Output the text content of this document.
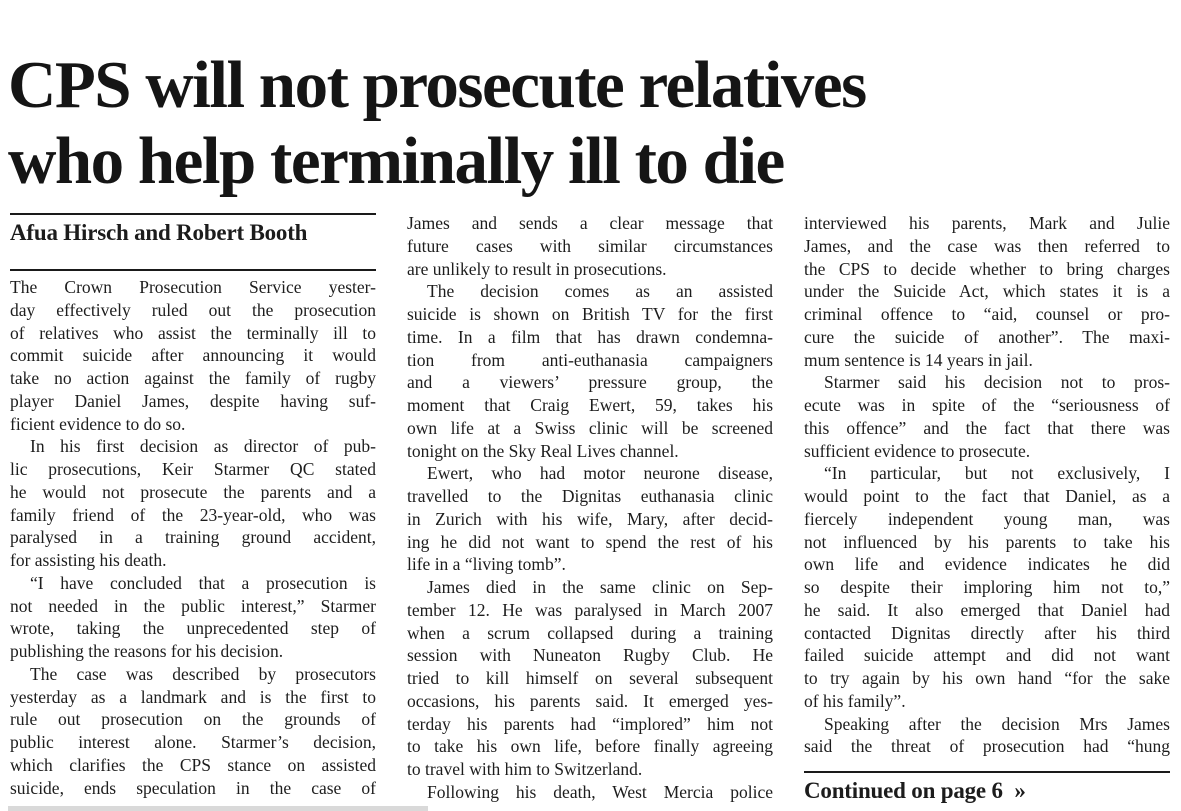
CPS will not prosecute relatives
who help terminally ill to die
Afua Hirsch and Robert Booth
The Crown Prosecution Service yester-
day effectively ruled out the prosecution
of relatives who assist the terminally ill to
commit suicide after announcing it would
take no action against the family of rugby
player Daniel James, despite having suf-
ficient evidence to do so.
In his first decision as director of pub-
lic prosecutions, Keir Starmer QC stated
he would not prosecute the parents and a
family friend of the 23-year-old, who was
paralysed in a training ground accident,
for assisting his death.
“I have concluded that a prosecution is
not needed in the public interest,” Starmer
wrote, taking the unprecedented step of
publishing the reasons for his decision.
The case was described by prosecutors
yesterday as a landmark and is the first to
rule out prosecution on the grounds of
public interest alone. Starmer’s decision,
which clarifies the CPS stance on assisted
suicide, ends speculation in the case of
James and sends a clear message that
future cases with similar circumstances
are unlikely to result in prosecutions.
The decision comes as an assisted
suicide is shown on British TV for the first
time. In a film that has drawn condemna-
tion from anti-euthanasia campaigners
and a viewers’ pressure group, the
moment that Craig Ewert, 59, takes his
own life at a Swiss clinic will be screened
tonight on the Sky Real Lives channel.
Ewert, who had motor neurone disease,
travelled to the Dignitas euthanasia clinic
in Zurich with his wife, Mary, after decid-
ing he did not want to spend the rest of his
life in a “living tomb”.
James died in the same clinic on Sep-
tember 12. He was paralysed in March 2007
when a scrum collapsed during a training
session with Nuneaton Rugby Club. He
tried to kill himself on several subsequent
occasions, his parents said. It emerged yes-
terday his parents had “implored” him not
to take his own life, before finally agreeing
to travel with him to Switzerland.
Following his death, West Mercia police
interviewed his parents, Mark and Julie
James, and the case was then referred to
the CPS to decide whether to bring charges
under the Suicide Act, which states it is a
criminal offence to “aid, counsel or pro-
cure the suicide of another”. The maxi-
mum sentence is 14 years in jail.
Starmer said his decision not to pros-
ecute was in spite of the “seriousness of
this offence” and the fact that there was
sufficient evidence to prosecute.
“In particular, but not exclusively, I
would point to the fact that Daniel, as a
fiercely independent young man, was
not influenced by his parents to take his
own life and evidence indicates he did
so despite their imploring him not to,”
he said. It also emerged that Daniel had
contacted Dignitas directly after his third
failed suicide attempt and did not want
to try again by his own hand “for the sake
of his family”.
Speaking after the decision Mrs James
said the threat of prosecution had “hung
Continued on page 6 »
